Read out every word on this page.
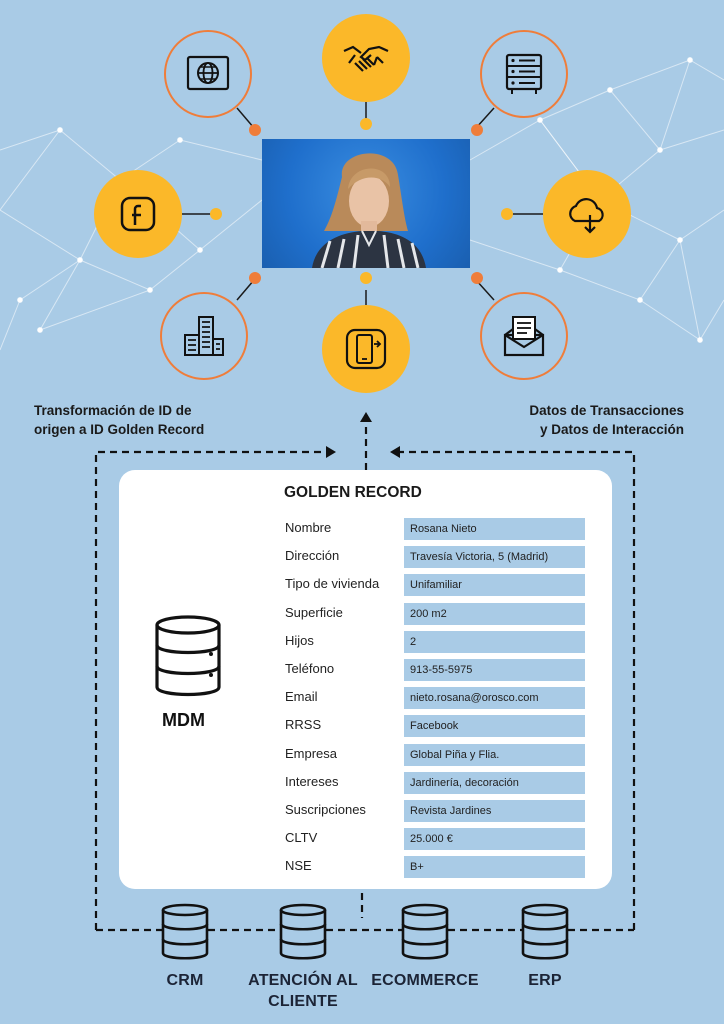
Transformación de ID de
origen a ID Golden Record
Datos de Transacciones
y Datos de Interacción
GOLDEN RECORD
MDM
Nombre	Rosana Nieto
Dirección	Travesía Victoria, 5 (Madrid)
Tipo de vivienda	Unifamiliar
Superficie	200 m2
Hijos	2
Teléfono	913-55-5975
Email	nieto.rosana@orosco.com
RRSS	Facebook
Empresa	Global Piña y Flia.
Intereses	Jardinería, decoración
Suscripciones	Revista Jardines
CLTV	25.000 €
NSE	B+
CRM	ATENCIÓN AL CLIENTE
ECOMMERCE	ERP
